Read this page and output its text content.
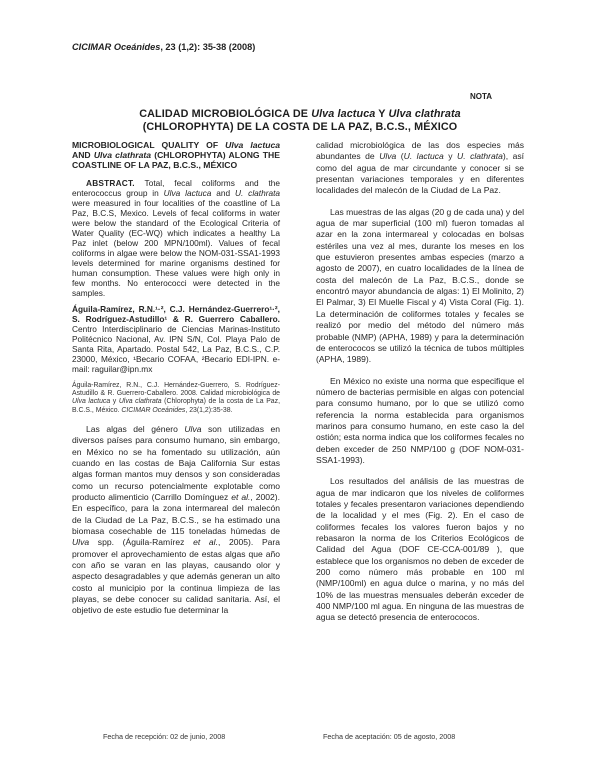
CICIMAR Oceánides, 23 (1,2): 35-38 (2008)
NOTA
CALIDAD MICROBIOLÓGICA DE Ulva lactuca Y Ulva clathrata
(CHLOROPHYTA) DE LA COSTA DE LA PAZ, B.C.S., MÉXICO

MICROBIOLOGICAL QUALITY OF Ulva lactuca AND Ulva clathrata (CHLOROPHYTA) ALONG THE COASTLINE OF LA PAZ, B.C.S., MÉXICO

ABSTRACT. Total, fecal coliforms and the enterococcus group in Ulva lactuca and U. clathrata were measured in four localities of the coastline of La Paz, B.C.S, Mexico. Levels of fecal coliforms in water were below the standard of the Ecological Criteria of Water Quality (EC-WQ) which indicates a healthy La Paz inlet (below 200 MPN/100ml). Values of fecal coliforms in algae were below the NOM-031-SSA1-1993 levels determined for marine organisms destined for human consumption. These values were high only in few months. No enterococci were detected in the samples.

Águila-Ramírez, R.N.¹·², C.J. Hernández-Guerrero¹·², S. Rodríguez-Astudillo¹ & R. Guerrero Caballero. Centro Interdisciplinario de Ciencias Marinas-Instituto Politécnico Nacional, Av. IPN S/N, Col. Playa Palo de Santa Rita, Apartado. Postal 542, La Paz, B.C.S., C.P. 23000, México, ¹Becario COFAA, ²Becario EDI-IPN. e-mail: raguilar@ipn.mx

Águila-Ramírez, R.N., C.J. Hernández-Guerrero, S. Rodríguez-Astudillo & R. Guerrero-Caballero. 2008. Calidad microbiológica de Ulva lactuca y Ulva clathrata (Chlorophyta) de la costa de La Paz, B.C.S., México. CICIMAR Oceánides, 23(1,2):35-38.

Las algas del género Ulva son utilizadas en diversos países para consumo humano, sin embargo, en México no se ha fomentado su utilización, aún cuando en las costas de Baja California Sur estas algas forman mantos muy densos y son consideradas como un recurso potencialmente explotable como producto alimenticio (Carrillo Domínguez et al., 2002). En específico, para la zona intermareal del malecón de la Ciudad de La Paz, B.C.S., se ha estimado una biomasa cosechable de 115 toneladas húmedas de Ulva spp. (Águila-Ramírez et al., 2005). Para promover el aprovechamiento de estas algas que año con año se varan en las playas, causando olor y aspecto desagradables y que además generan un alto costo al municipio por la continua limpieza de las playas, se debe conocer su calidad sanitaria. Así, el objetivo de este estudio fue determinar la

calidad microbiológica de las dos especies más abundantes de Ulva (U. lactuca y U. clathrata), así como del agua de mar circundante y conocer si se presentan variaciones temporales y en diferentes localidades del malecón de la Ciudad de La Paz.

Las muestras de las algas (20 g de cada una) y del agua de mar superficial (100 ml) fueron tomadas al azar en la zona intermareal y colocadas en bolsas estériles una vez al mes, durante los meses en los que estuvieron presentes ambas especies (marzo a agosto de 2007), en cuatro localidades de la línea de costa del malecón de La Paz, B.C.S., donde se encontró mayor abundancia de algas: 1) El Molinito, 2) El Palmar, 3) El Muelle Fiscal y 4) Vista Coral (Fig. 1). La determinación de coliformes totales y fecales se realizó por medio del método del número más probable (NMP) (APHA, 1989) y para la determinación de enterococos se utilizó la técnica de tubos múltiples (APHA, 1989).

En México no existe una norma que especifique el número de bacterias permisible en algas con potencial para consumo humano, por lo que se utilizó como referencia la norma establecida para organismos marinos para consumo humano, en este caso la del ostión; esta norma indica que los coliformes fecales no deben exceder de 250 NMP/100 g (DOF NOM-031-SSA1-1993).

Los resultados del análisis de las muestras de agua de mar indicaron que los niveles de coliformes totales y fecales presentaron variaciones dependiendo de la localidad y el mes (Fig. 2). En el caso de coliformes fecales los valores fueron bajos y no rebasaron la norma de los Criterios Ecológicos de Calidad del Agua (DOF CE-CCA-001/89 ), que establece que los organismos no deben de exceder de 200 como número más probable en 100 ml (NMP/100ml) en agua dulce o marina, y no más del 10% de las muestras mensuales deberán exceder de 400 NMP/100 ml agua. En ninguna de las muestras de agua se detectó presencia de enterococos.

Fecha de recepción: 02 de junio, 2008	Fecha de aceptación: 05 de agosto, 2008
